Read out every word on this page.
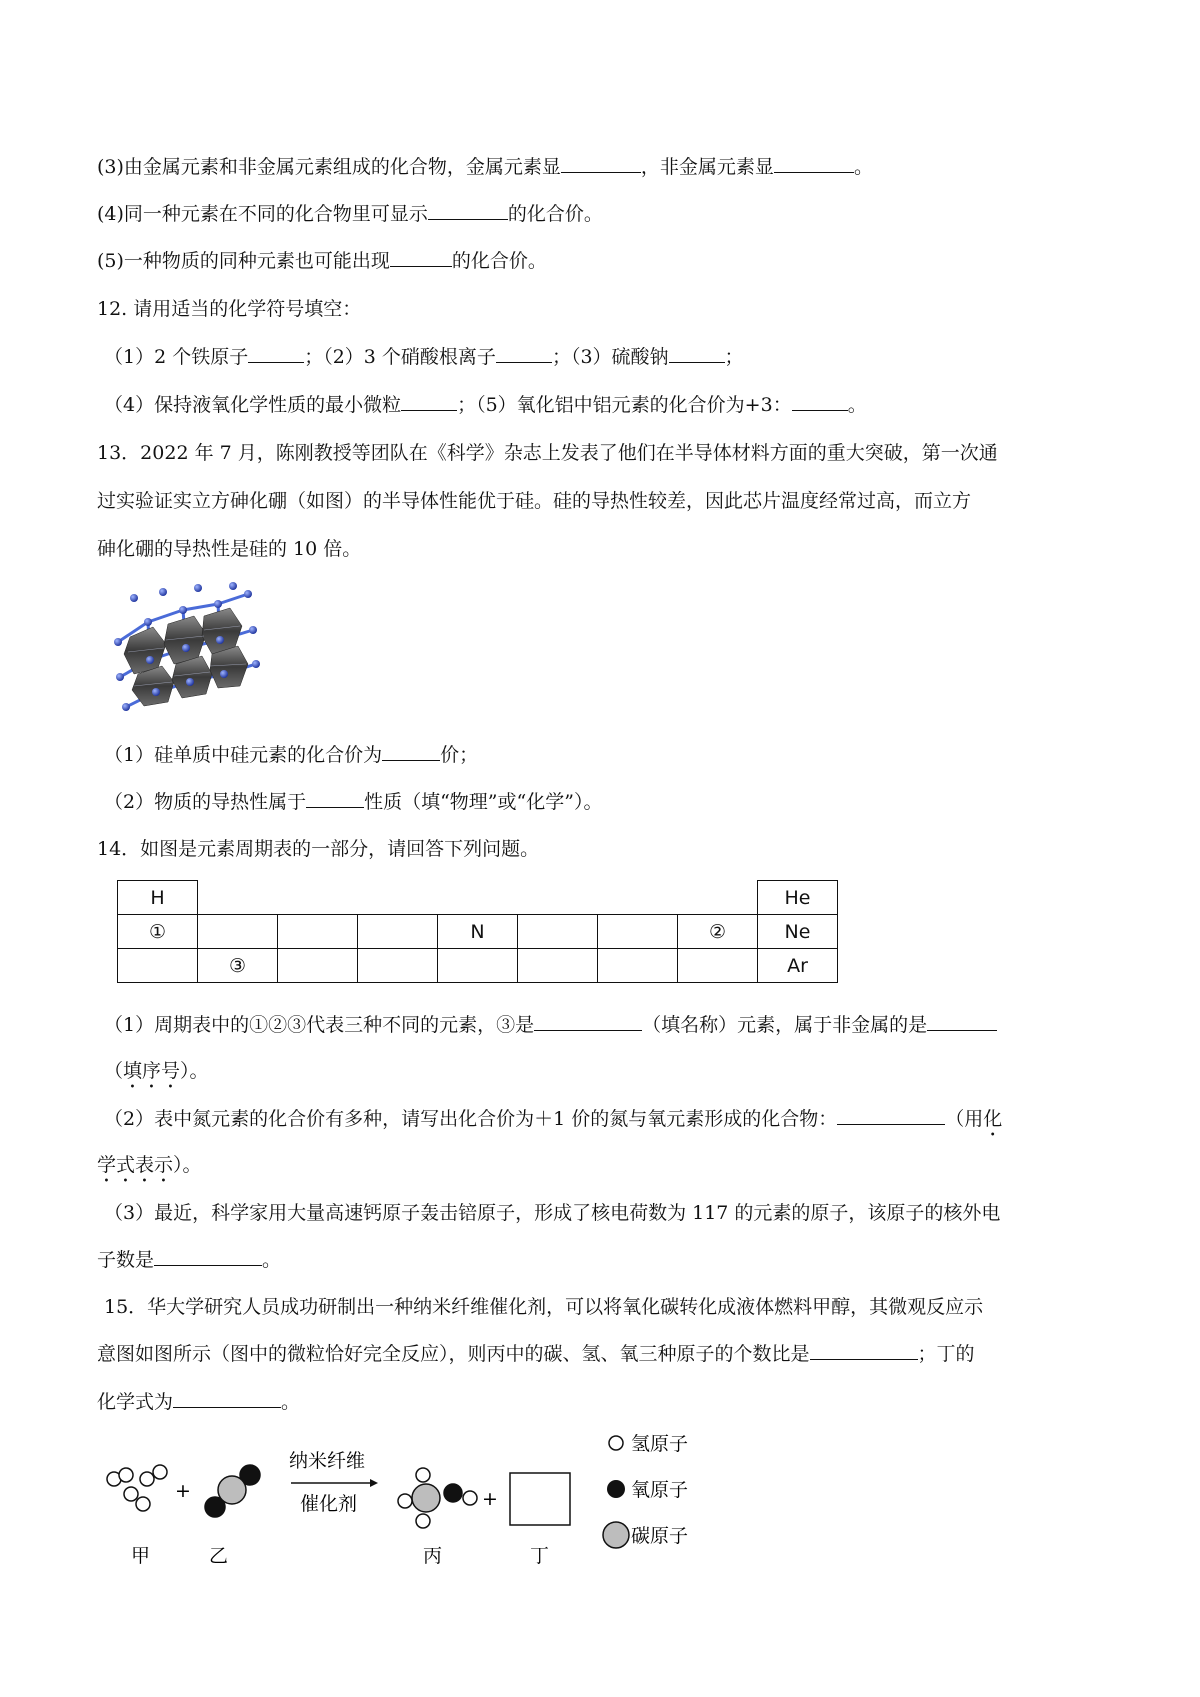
(3)由金属元素和非金属元素组成的化合物，金属元素显	，非金属元素显	。
(4)同一种元素在不同的化合物里可显示	的化合价。
(5)一种物质的同种元素也可能出现	的化合价。
12. 请用适当的化学符号填空：
（1）2 个铁原子	；（2）3 个硝酸根离子	；（3）硫酸钠	；
（4）保持液氧化学性质的最小微粒	；（5）氧化铝中铝元素的化合价为+3：	。
13．2022 年 7 月，陈刚教授等团队在《科学》杂志上发表了他们在半导体材料方面的重大突破，第一次通
过实验证实立方砷化硼（如图）的半导体性能优于硅。硅的导热性较差，因此芯片温度经常过高，而立方
砷化硼的导热性是硅的 10 倍。
（1）硅单质中硅元素的化合价为	价；
（2）物质的导热性属于	性质（填“物理”或“化学”）。
14．如图是元素周期表的一部分，请回答下列问题。
H								He
①				N			②	Ne
	③							Ar
（1）周期表中的①②③代表三种不同的元素，③是	（填名称）元素，属于非金属的是
（填序号）。
（2）表中氮元素的化合价有多种，请写出化合价为＋1 价的氮与氧元素形成的化合物：	（用化
学式表示）。
（3）最近，科学家用大量高速钙原子轰击锫原子，形成了核电荷数为 117 的元素的原子，该原子的核外电
子数是	。
15．华大学研究人员成功研制出一种纳米纤维催化剂，可以将氧化碳转化成液体燃料甲醇，其微观反应示
意图如图所示（图中的微粒恰好完全反应），则丙中的碳、氢、氧三种原子的个数比是	；丁的
化学式为	。
+
纳米纤维
催化剂	+
甲	乙	丙	丁
氢原子
氧原子
碳原子
